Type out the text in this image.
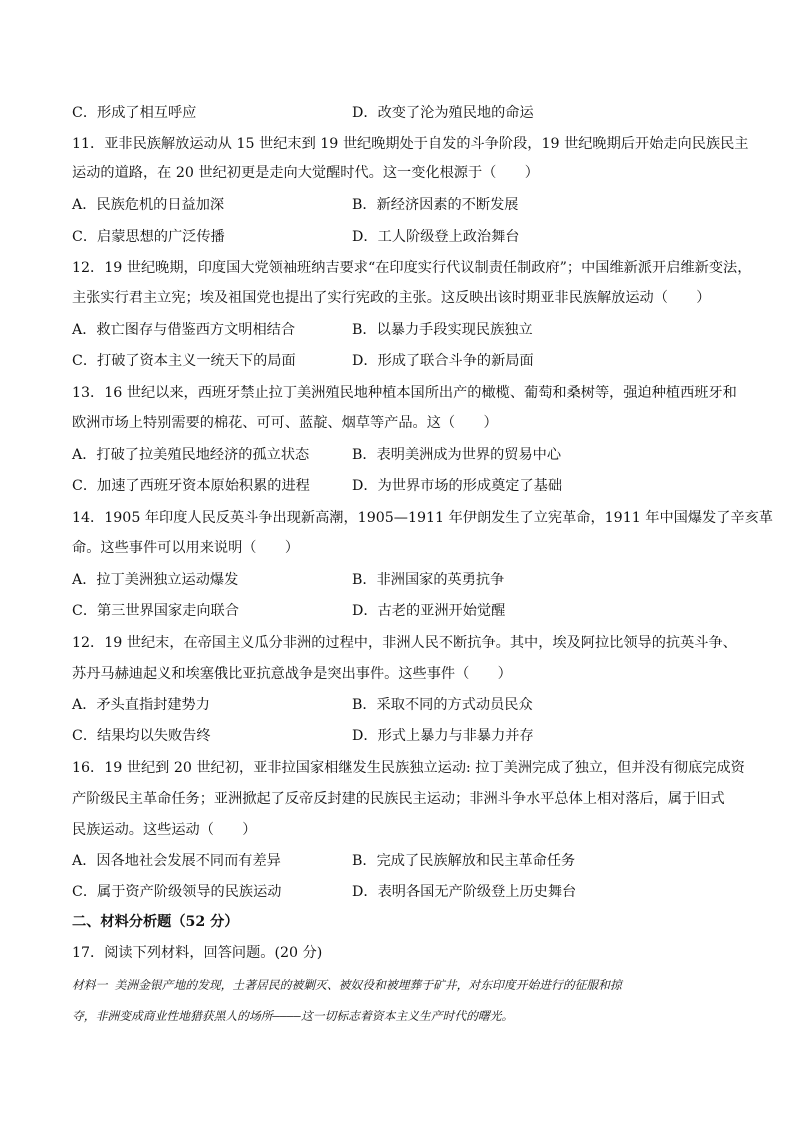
C．形成了相互呼应	D．改变了沦为殖民地的命运
11．亚非民族解放运动从 15 世纪末到 19 世纪晚期处于自发的斗争阶段，19 世纪晚期后开始走向民族民主
运动的道路，在 20 世纪初更是走向大觉醒时代。这一变化根源于（　　）
A．民族危机的日益加深	B．新经济因素的不断发展
C．启蒙思想的广泛传播	D．工人阶级登上政治舞台
12．19 世纪晚期，印度国大党领袖班纳吉要求“在印度实行代议制责任制政府”；中国维新派开启维新变法，
主张实行君主立宪；埃及祖国党也提出了实行宪政的主张。这反映出该时期亚非民族解放运动（　　）
A．救亡图存与借鉴西方文明相结合	B．以暴力手段实现民族独立
C．打破了资本主义一统天下的局面	D．形成了联合斗争的新局面
13．16 世纪以来，西班牙禁止拉丁美洲殖民地种植本国所出产的橄榄、葡萄和桑树等，强迫种植西班牙和
欧洲市场上特别需要的棉花、可可、蓝靛、烟草等产品。这（　　）
A．打破了拉美殖民地经济的孤立状态	B．表明美洲成为世界的贸易中心
C．加速了西班牙资本原始积累的进程	D．为世界市场的形成奠定了基础
14．1905 年印度人民反英斗争出现新高潮，1905—1911 年伊朗发生了立宪革命，1911 年中国爆发了辛亥革
命。这些事件可以用来说明（　　）
A．拉丁美洲独立运动爆发	B．非洲国家的英勇抗争
C．第三世界国家走向联合	D．古老的亚洲开始觉醒
12．19 世纪末，在帝国主义瓜分非洲的过程中，非洲人民不断抗争。其中，埃及阿拉比领导的抗英斗争、
苏丹马赫迪起义和埃塞俄比亚抗意战争是突出事件。这些事件（　　）
A．矛头直指封建势力	B．采取不同的方式动员民众
C．结果均以失败告终	D．形式上暴力与非暴力并存
16．19 世纪到 20 世纪初，亚非拉国家相继发生民族独立运动: 拉丁美洲完成了独立，但并没有彻底完成资
产阶级民主革命任务；亚洲掀起了反帝反封建的民族民主运动；非洲斗争水平总体上相对落后，属于旧式
民族运动。这些运动（　　）
A．因各地社会发展不同而有差异	B．完成了民族解放和民主革命任务
C．属于资产阶级领导的民族运动	D．表明各国无产阶级登上历史舞台
二、材料分析题（52 分）
17．阅读下列材料，回答问题。(20 分)
材料一 美洲金银产地的发现，土著居民的被剿灭、被奴役和被埋葬于矿井，对东印度开始进行的征服和掠
夺，非洲变成商业性地猎获黑人的场所————这一切标志着资本主义生产时代的曙光。
